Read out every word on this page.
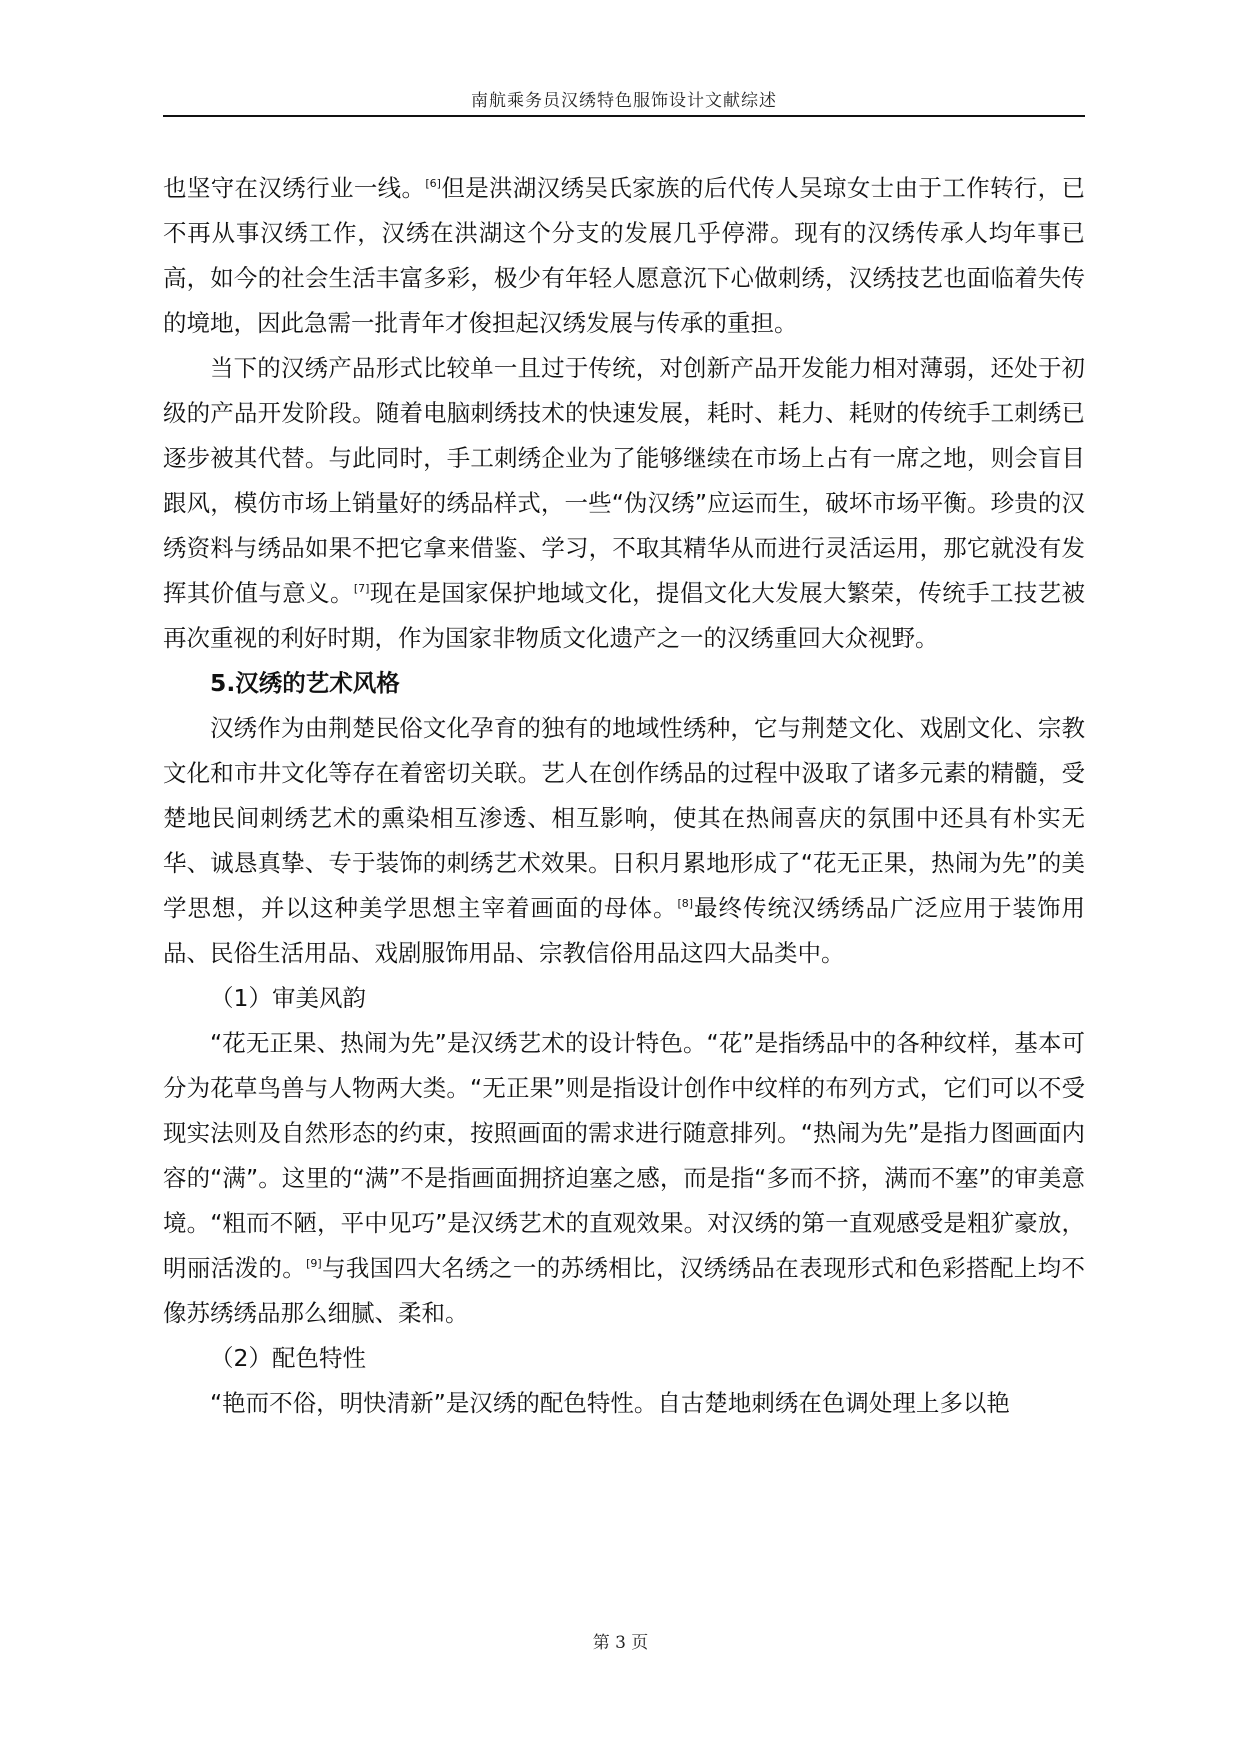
南航乘务员汉绣特色服饰设计文献综述

也坚守在汉绣行业一线。[6]但是洪湖汉绣吴氏家族的后代传人吴琼女士由于工作转行，已不再从事汉绣工作，汉绣在洪湖这个分支的发展几乎停滞。现有的汉绣传承人均年事已高，如今的社会生活丰富多彩，极少有年轻人愿意沉下心做刺绣，汉绣技艺也面临着失传的境地，因此急需一批青年才俊担起汉绣发展与传承的重担。

当下的汉绣产品形式比较单一且过于传统，对创新产品开发能力相对薄弱，还处于初级的产品开发阶段。随着电脑刺绣技术的快速发展，耗时、耗力、耗财的传统手工刺绣已逐步被其代替。与此同时，手工刺绣企业为了能够继续在市场上占有一席之地，则会盲目跟风，模仿市场上销量好的绣品样式，一些“伪汉绣”应运而生，破坏市场平衡。珍贵的汉绣资料与绣品如果不把它拿来借鉴、学习，不取其精华从而进行灵活运用，那它就没有发挥其价值与意义。[7]现在是国家保护地域文化，提倡文化大发展大繁荣，传统手工技艺被再次重视的利好时期，作为国家非物质文化遗产之一的汉绣重回大众视野。

5.汉绣的艺术风格

汉绣作为由荆楚民俗文化孕育的独有的地域性绣种，它与荆楚文化、戏剧文化、宗教文化和市井文化等存在着密切关联。艺人在创作绣品的过程中汲取了诸多元素的精髓，受楚地民间刺绣艺术的熏染相互渗透、相互影响，使其在热闹喜庆的氛围中还具有朴实无华、诚恳真挚、专于装饰的刺绣艺术效果。日积月累地形成了“花无正果，热闹为先”的美学思想，并以这种美学思想主宰着画面的母体。[8]最终传统汉绣绣品广泛应用于装饰用品、民俗生活用品、戏剧服饰用品、宗教信俗用品这四大品类中。

（1）审美风韵

“花无正果、热闹为先”是汉绣艺术的设计特色。“花”是指绣品中的各种纹样，基本可分为花草鸟兽与人物两大类。“无正果”则是指设计创作中纹样的布列方式，它们可以不受现实法则及自然形态的约束，按照画面的需求进行随意排列。“热闹为先”是指力图画面内容的“满”。这里的“满”不是指画面拥挤迫塞之感，而是指“多而不挤，满而不塞”的审美意境。“粗而不陋，平中见巧”是汉绣艺术的直观效果。对汉绣的第一直观感受是粗犷豪放，明丽活泼的。[9]与我国四大名绣之一的苏绣相比，汉绣绣品在表现形式和色彩搭配上均不像苏绣绣品那么细腻、柔和。

（2）配色特性

“艳而不俗，明快清新”是汉绣的配色特性。自古楚地刺绣在色调处理上多以艳

第 3 页
